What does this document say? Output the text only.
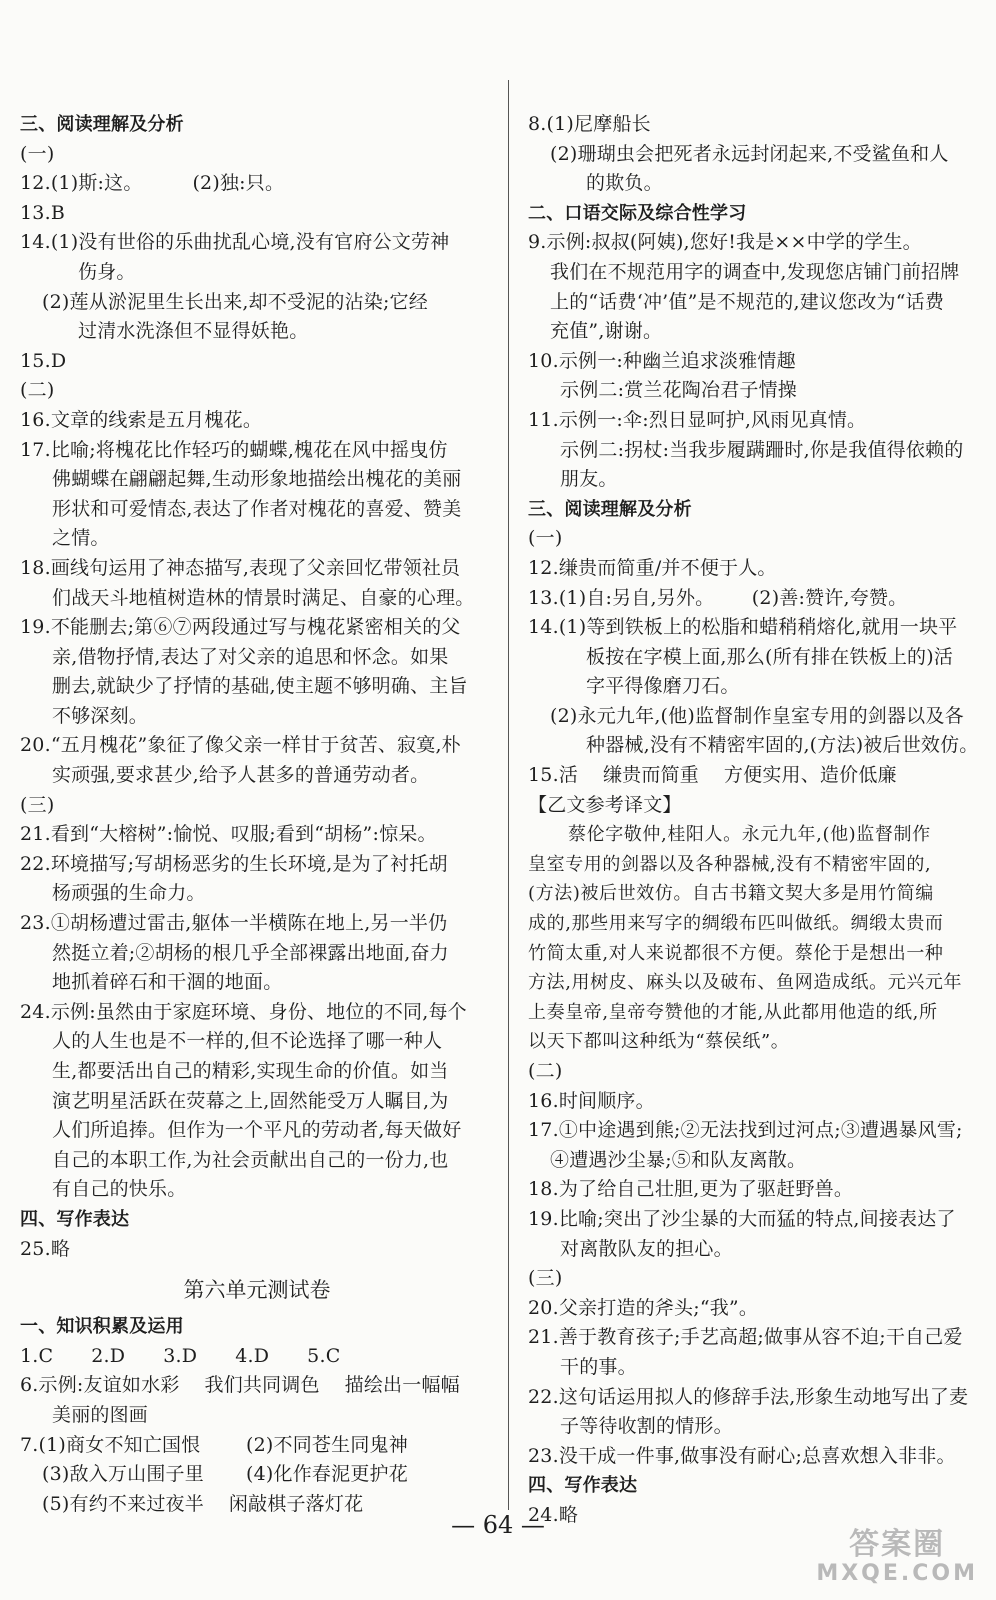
三、阅读理解及分析
(一)
12.(1)斯:这。        (2)独:只。
13.B
14.(1)没有世俗的乐曲扰乱心境,没有官府公文劳神
伤身。
(2)莲从淤泥里生长出来,却不受泥的沾染;它经
过清水洗涤但不显得妖艳。
15.D
(二)
16.文章的线索是五月槐花。
17.比喻;将槐花比作轻巧的蝴蝶,槐花在风中摇曳仿
佛蝴蝶在翩翩起舞,生动形象地描绘出槐花的美丽
形状和可爱情态,表达了作者对槐花的喜爱、赞美
之情。
18.画线句运用了神态描写,表现了父亲回忆带领社员
们战天斗地植树造林的情景时满足、自豪的心理。
19.不能删去;第⑥⑦两段通过写与槐花紧密相关的父
亲,借物抒情,表达了对父亲的追思和怀念。如果
删去,就缺少了抒情的基础,使主题不够明确、主旨
不够深刻。
20.“五月槐花”象征了像父亲一样甘于贫苦、寂寞,朴
实顽强,要求甚少,给予人甚多的普通劳动者。
(三)
21.看到“大榕树”:愉悦、叹服;看到“胡杨”:惊呆。
22.环境描写;写胡杨恶劣的生长环境,是为了衬托胡
杨顽强的生命力。
23.①胡杨遭过雷击,躯体一半横陈在地上,另一半仍
然挺立着;②胡杨的根几乎全部裸露出地面,奋力
地抓着碎石和干涸的地面。
24.示例:虽然由于家庭环境、身份、地位的不同,每个
人的人生也是不一样的,但不论选择了哪一种人
生,都要活出自己的精彩,实现生命的价值。如当
演艺明星活跃在荧幕之上,固然能受万人瞩目,为
人们所追捧。但作为一个平凡的劳动者,每天做好
自己的本职工作,为社会贡献出自己的一份力,也
有自己的快乐。
四、写作表达
25.略
第六单元测试卷
一、知识积累及运用
1.C 2.D 3.D 4.D 5.C
6.示例:友谊如水彩    我们共同调色    描绘出一幅幅
美丽的图画
7.(1)商女不知亡国恨 (2)不同苍生同鬼神
(3)敌入万山围子里 (4)化作春泥更护花
(5)有约不来过夜半    闲敲棋子落灯花
8.(1)尼摩船长
(2)珊瑚虫会把死者永远封闭起来,不受鲨鱼和人
的欺负。
二、口语交际及综合性学习
9.示例:叔叔(阿姨),您好!我是××中学的学生。
我们在不规范用字的调查中,发现您店铺门前招牌
上的“话费‘冲’值”是不规范的,建议您改为“话费
充值”,谢谢。
10.示例一:种幽兰追求淡雅情趣
示例二:赏兰花陶冶君子情操
11.示例一:伞:烈日显呵护,风雨见真情。
示例二:拐杖:当我步履蹒跚时,你是我值得依赖的
朋友。
三、阅读理解及分析
(一)
12.缣贵而简重/并不便于人。
13.(1)自:另自,另外。      (2)善:赞许,夸赞。
14.(1)等到铁板上的松脂和蜡稍稍熔化,就用一块平
板按在字模上面,那么(所有排在铁板上的)活
字平得像磨刀石。
(2)永元九年,(他)监督制作皇室专用的剑器以及各
种器械,没有不精密牢固的,(方法)被后世效仿。
15.活    缣贵而简重    方便实用、造价低廉
【乙文参考译文】
蔡伦字敬仲,桂阳人。永元九年,(他)监督制作
皇室专用的剑器以及各种器械,没有不精密牢固的,
(方法)被后世效仿。自古书籍文契大多是用竹简编
成的,那些用来写字的绸缎布匹叫做纸。绸缎太贵而
竹简太重,对人来说都很不方便。蔡伦于是想出一种
方法,用树皮、麻头以及破布、鱼网造成纸。元兴元年
上奏皇帝,皇帝夸赞他的才能,从此都用他造的纸,所
以天下都叫这种纸为“蔡侯纸”。
(二)
16.时间顺序。
17.①中途遇到熊;②无法找到过河点;③遭遇暴风雪;
④遭遇沙尘暴;⑤和队友离散。
18.为了给自己壮胆,更为了驱赶野兽。
19.比喻;突出了沙尘暴的大而猛的特点,间接表达了
对离散队友的担心。
(三)
20.父亲打造的斧头;“我”。
21.善于教育孩子;手艺高超;做事从容不迫;干自己爱
干的事。
22.这句话运用拟人的修辞手法,形象生动地写出了麦
子等待收割的情形。
23.没干成一件事,做事没有耐心;总喜欢想入非非。
四、写作表达
24.略
— 64 —
答案圈
MXQE.COM
